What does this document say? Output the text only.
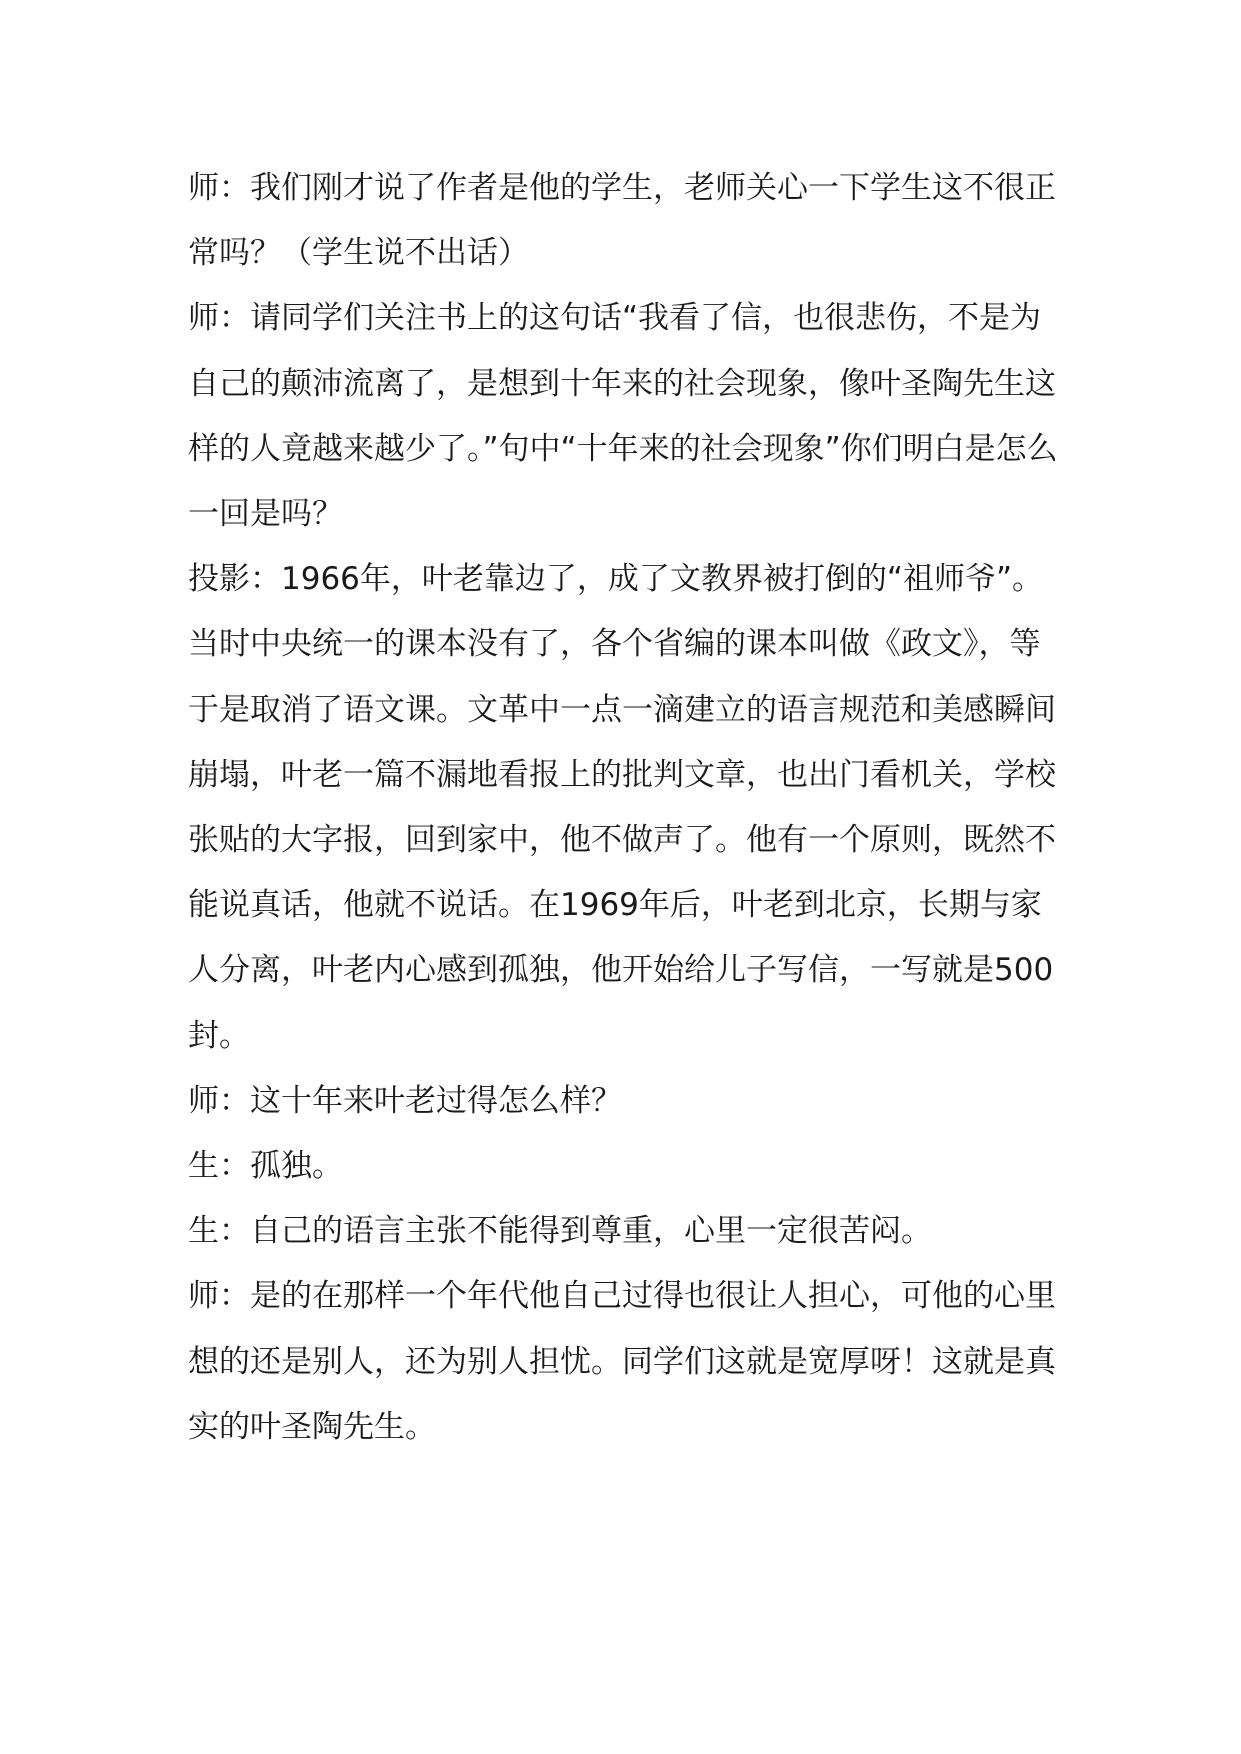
师：我们刚才说了作者是他的学生，老师关心一下学生这不很正常吗？（学生说不出话）

师：请同学们关注书上的这句话“我看了信，也很悲伤，不是为自己的颠沛流离了，是想到十年来的社会现象，像叶圣陶先生这样的人竟越来越少了。”句中“十年来的社会现象”你们明白是怎么一回是吗？

投影：1966年，叶老靠边了，成了文教界被打倒的“祖师爷”。当时中央统一的课本没有了，各个省编的课本叫做《政文》，等于是取消了语文课。文革中一点一滴建立的语言规范和美感瞬间崩塌，叶老一篇不漏地看报上的批判文章，也出门看机关，学校张贴的大字报，回到家中，他不做声了。他有一个原则，既然不能说真话，他就不说话。在1969年后，叶老到北京，长期与家人分离，叶老内心感到孤独，他开始给儿子写信，一写就是500封。

师：这十年来叶老过得怎么样？

生：孤独。

生：自己的语言主张不能得到尊重，心里一定很苦闷。

师：是的在那样一个年代他自己过得也很让人担心，可他的心里想的还是别人，还为别人担忧。同学们这就是宽厚呀！这就是真实的叶圣陶先生。
